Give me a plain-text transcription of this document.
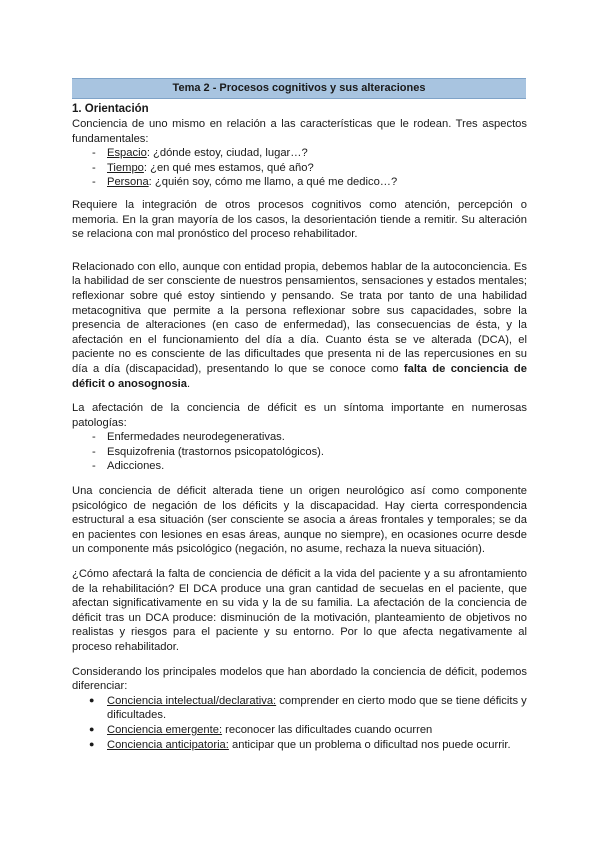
Tema 2 - Procesos cognitivos y sus alteraciones
1. Orientación

Conciencia de uno mismo en relación a las características que le rodean. Tres aspectos fundamentales:

- Espacio: ¿dónde estoy, ciudad, lugar…?
- Tiempo: ¿en qué mes estamos, qué año?
- Persona: ¿quién soy, cómo me llamo, a qué me dedico…?

Requiere la integración de otros procesos cognitivos como atención, percepción o memoria. En la gran mayoría de los casos, la desorientación tiende a remitir. Su alteración se relaciona con mal pronóstico del proceso rehabilitador.

Relacionado con ello, aunque con entidad propia, debemos hablar de la autoconciencia. Es la habilidad de ser consciente de nuestros pensamientos, sensaciones y estados mentales; reflexionar sobre qué estoy sintiendo y pensando. Se trata por tanto de una habilidad metacognitiva que permite a la persona reflexionar sobre sus capacidades, sobre la presencia de alteraciones (en caso de enfermedad), las consecuencias de ésta, y la afectación en el funcionamiento del día a día. Cuanto ésta se ve alterada (DCA), el paciente no es consciente de las dificultades que presenta ni de las repercusiones en su día a día (discapacidad), presentando lo que se conoce como falta de conciencia de déficit o anosognosia.

La afectación de la conciencia de déficit es un síntoma importante en numerosas patologías:

- Enfermedades neurodegenerativas.
- Esquizofrenia (trastornos psicopatológicos).
- Adicciones.

Una conciencia de déficit alterada tiene un origen neurológico así como componente psicológico de negación de los déficits y la discapacidad. Hay cierta correspondencia estructural a esa situación (ser consciente se asocia a áreas frontales y temporales; se da en pacientes con lesiones en esas áreas, aunque no siempre), en ocasiones ocurre desde un componente más psicológico (negación, no asume, rechaza la nueva situación).

¿Cómo afectará la falta de conciencia de déficit a la vida del paciente y a su afrontamiento de la rehabilitación? El DCA produce una gran cantidad de secuelas en el paciente, que afectan significativamente en su vida y la de su familia. La afectación de la conciencia de déficit tras un DCA produce: disminución de la motivación, planteamiento de objetivos no realistas y riesgos para el paciente y su entorno. Por lo que afecta negativamente al proceso rehabilitador.

Considerando los principales modelos que han abordado la conciencia de déficit, podemos diferenciar:

● Conciencia intelectual/declarativa: comprender en cierto modo que se tiene déficits y dificultades.
● Conciencia emergente: reconocer las dificultades cuando ocurren
● Conciencia anticipatoria: anticipar que un problema o dificultad nos puede ocurrir.
